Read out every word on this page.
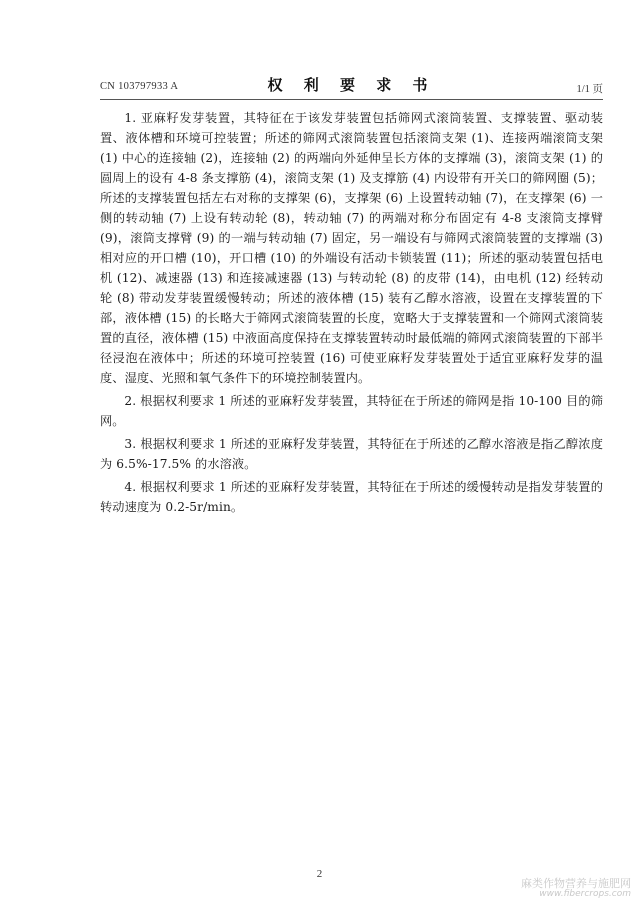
CN 103797933 A	权 利 要 求 书	1/1 页

1. 亚麻籽发芽装置，其特征在于该发芽装置包括筛网式滚筒装置、支撑装置、驱动装置、液体槽和环境可控装置；所述的筛网式滚筒装置包括滚筒支架 (1)、连接两端滚筒支架 (1) 中心的连接轴 (2)，连接轴 (2) 的两端向外延伸呈长方体的支撑端 (3)，滚筒支架 (1) 的圆周上的设有 4-8 条支撑筋 (4)，滚筒支架 (1) 及支撑筋 (4) 内设带有开关口的筛网圈 (5)；所述的支撑装置包括左右对称的支撑架 (6)，支撑架 (6) 上设置转动轴 (7)，在支撑架 (6) 一侧的转动轴 (7) 上设有转动轮 (8)，转动轴 (7) 的两端对称分布固定有 4-8 支滚筒支撑臂 (9)，滚筒支撑臂 (9) 的一端与转动轴 (7) 固定，另一端设有与筛网式滚筒装置的支撑端 (3) 相对应的开口槽 (10)，开口槽 (10) 的外端设有活动卡锁装置 (11)；所述的驱动装置包括电机 (12)、减速器 (13) 和连接减速器 (13) 与转动轮 (8) 的皮带 (14)，由电机 (12) 经转动轮 (8) 带动发芽装置缓慢转动；所述的液体槽 (15) 装有乙醇水溶液，设置在支撑装置的下部，液体槽 (15) 的长略大于筛网式滚筒装置的长度，宽略大于支撑装置和一个筛网式滚筒装置的直径，液体槽 (15) 中液面高度保持在支撑装置转动时最低端的筛网式滚筒装置的下部半径浸泡在液体中；所述的环境可控装置 (16) 可使亚麻籽发芽装置处于适宜亚麻籽发芽的温度、湿度、光照和氧气条件下的环境控制装置内。

2. 根据权利要求 1 所述的亚麻籽发芽装置，其特征在于所述的筛网是指 10-100 目的筛网。

3. 根据权利要求 1 所述的亚麻籽发芽装置，其特征在于所述的乙醇水溶液是指乙醇浓度为 6.5%-17.5% 的水溶液。

4. 根据权利要求 1 所述的亚麻籽发芽装置，其特征在于所述的缓慢转动是指发芽装置的转动速度为 0.2-5r/min。

2
麻类作物营养与施肥网
www.fibercrops.com
